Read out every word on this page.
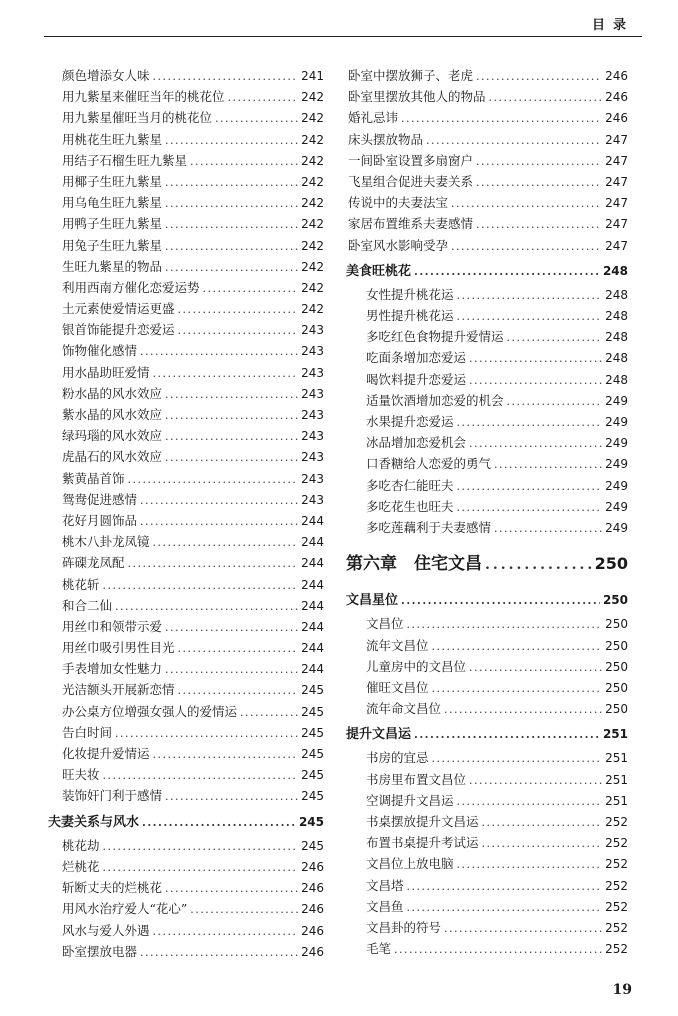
目录
颜色增添女人味 .....	241
用九紫星来催旺当年的桃花位 .....	242
用九紫星催旺当月的桃花位 .....	242
用桃花生旺九紫星 .....	242
用结子石榴生旺九紫星 .....	242
用椰子生旺九紫星 .....	242
用乌龟生旺九紫星 .....	242
用鸭子生旺九紫星 .....	242
用兔子生旺九紫星 .....	242
生旺九紫星的物品 .....	242
利用西南方催化恋爱运势 .....	242
土元素使爱情运更盛 .....	242
银首饰能提升恋爱运 .....	243
饰物催化感情 .....	243
用水晶助旺爱情 .....	243
粉水晶的风水效应 .....	243
紫水晶的风水效应 .....	243
绿玛瑙的风水效应 .....	243
虎晶石的风水效应 .....	243
紫黄晶首饰 .....	243
鸳鸯促进感情 .....	243
花好月圆饰品 .....	244
桃木八卦龙凤镜 .....	244
砗磲龙凤配 .....	244
桃花斩 .....	244
和合二仙 .....	244
用丝巾和领带示爱 .....	244
用丝巾吸引男性目光 .....	244
手表增加女性魅力 .....	244
光洁额头开展新恋情 .....	245
办公桌方位增强女强人的爱情运 .....	245
告白时间 .....	245
化妆提升爱情运 .....	245
旺夫妆 .....	245
装饰奸门利于感情 .....	245
夫妻关系与风水 .....	245
桃花劫 .....	245
烂桃花 .....	246
斩断丈夫的烂桃花 .....	246
用风水治疗爱人“花心” .....	246
风水与爱人外遇 .....	246
卧室摆放电器 .....	246
卧室中摆放狮子、老虎 .....	246
卧室里摆放其他人的物品 .....	246
婚礼忌讳 .....	246
床头摆放物品 .....	247
一间卧室设置多扇窗户 .....	247
飞星组合促进夫妻关系 .....	247
传说中的夫妻法宝 .....	247
家居布置维系夫妻感情 .....	247
卧室风水影响受孕 .....	247
美食旺桃花 .....	248
女性提升桃花运 .....	248
男性提升桃花运 .....	248
多吃红色食物提升爱情运 .....	248
吃面条增加恋爱运 .....	248
喝饮料提升恋爱运 .....	248
适量饮酒增加恋爱的机会 .....	249
水果提升恋爱运 .....	249
冰品增加恋爱机会 .....	249
口香糖给人恋爱的勇气 .....	249
多吃杏仁能旺夫 .....	249
多吃花生也旺夫 .....	249
多吃莲藕利于夫妻感情 .....	249
第六章　住宅文昌 .....	250
文昌星位 .....	250
文昌位 .....	250
流年文昌位 .....	250
儿童房中的文昌位 .....	250
催旺文昌位 .....	250
流年命文昌位 .....	250
提升文昌运 .....	251
书房的宜忌 .....	251
书房里布置文昌位 .....	251
空调提升文昌运 .....	251
书桌摆放提升文昌运 .....	252
布置书桌提升考试运 .....	252
文昌位上放电脑 .....	252
文昌塔 .....	252
文昌鱼 .....	252
文昌卦的符号 .....	252
毛笔 .....	252
19
